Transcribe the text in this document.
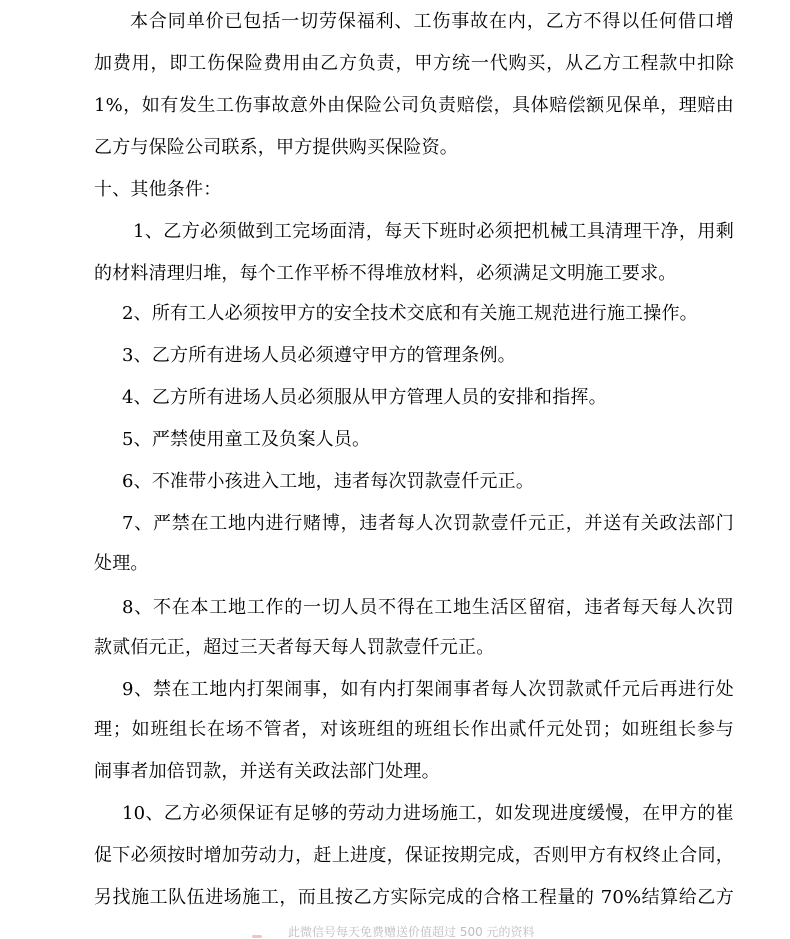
本合同单价已包括一切劳保福利、工伤事故在内，乙方不得以任何借口增
加费用，即工伤保险费用由乙方负责，甲方统一代购买，从乙方工程款中扣除
1%，如有发生工伤事故意外由保险公司负责赔偿，具体赔偿额见保单，理赔由
乙方与保险公司联系，甲方提供购买保险资。
十、其他条件：
1、乙方必须做到工完场面清，每天下班时必须把机械工具清理干净，用剩
的材料清理归堆，每个工作平桥不得堆放材料，必须满足文明施工要求。
2、所有工人必须按甲方的安全技术交底和有关施工规范进行施工操作。
3、乙方所有进场人员必须遵守甲方的管理条例。
4、乙方所有进场人员必须服从甲方管理人员的安排和指挥。
5、严禁使用童工及负案人员。
6、不准带小孩进入工地，违者每次罚款壹仟元正。
7、严禁在工地内进行赌博，违者每人次罚款壹仟元正，并送有关政法部门
处理。
8、不在本工地工作的一切人员不得在工地生活区留宿，违者每天每人次罚
款贰佰元正，超过三天者每天每人罚款壹仟元正。
9、禁在工地内打架闹事，如有内打架闹事者每人次罚款贰仟元后再进行处
理；如班组长在场不管者，对该班组的班组长作出贰仟元处罚；如班组长参与
闹事者加倍罚款，并送有关政法部门处理。
10、乙方必须保证有足够的劳动力进场施工，如发现进度缓慢，在甲方的崔
促下必须按时增加劳动力，赶上进度，保证按期完成，否则甲方有权终止合同，
另找施工队伍进场施工，而且按乙方实际完成的合格工程量的 70%结算给乙方
此微信号每天免费赠送价值超过 500 元的资料
